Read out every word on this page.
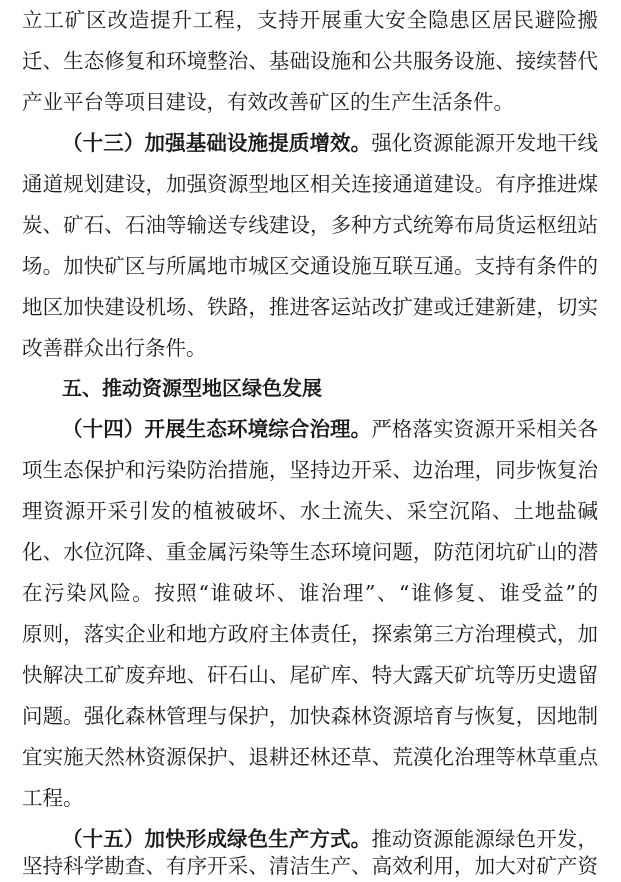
立工矿区改造提升工程，支持开展重大安全隐患区居民避险搬
迁、生态修复和环境整治、基础设施和公共服务设施、接续替代
产业平台等项目建设，有效改善矿区的生产生活条件。
（十三）加强基础设施提质增效。强化资源能源开发地干线
通道规划建设，加强资源型地区相关连接通道建设。有序推进煤
炭、矿石、石油等输送专线建设，多种方式统筹布局货运枢纽站
场。加快矿区与所属地市城区交通设施互联互通。支持有条件的
地区加快建设机场、铁路，推进客运站改扩建或迁建新建，切实
改善群众出行条件。
五、推动资源型地区绿色发展
（十四）开展生态环境综合治理。严格落实资源开采相关各
项生态保护和污染防治措施，坚持边开采、边治理，同步恢复治
理资源开采引发的植被破坏、水土流失、采空沉陷、土地盐碱
化、水位沉降、重金属污染等生态环境问题，防范闭坑矿山的潜
在污染风险。按照“谁破坏、谁治理”、“谁修复、谁受益”的
原则，落实企业和地方政府主体责任，探索第三方治理模式，加
快解决工矿废弃地、矸石山、尾矿库、特大露天矿坑等历史遗留
问题。强化森林管理与保护，加快森林资源培育与恢复，因地制
宜实施天然林资源保护、退耕还林还草、荒漠化治理等林草重点
工程。
（十五）加快形成绿色生产方式。推动资源能源绿色开发，
坚持科学勘查、有序开采、清洁生产、高效利用，加大对矿产资
